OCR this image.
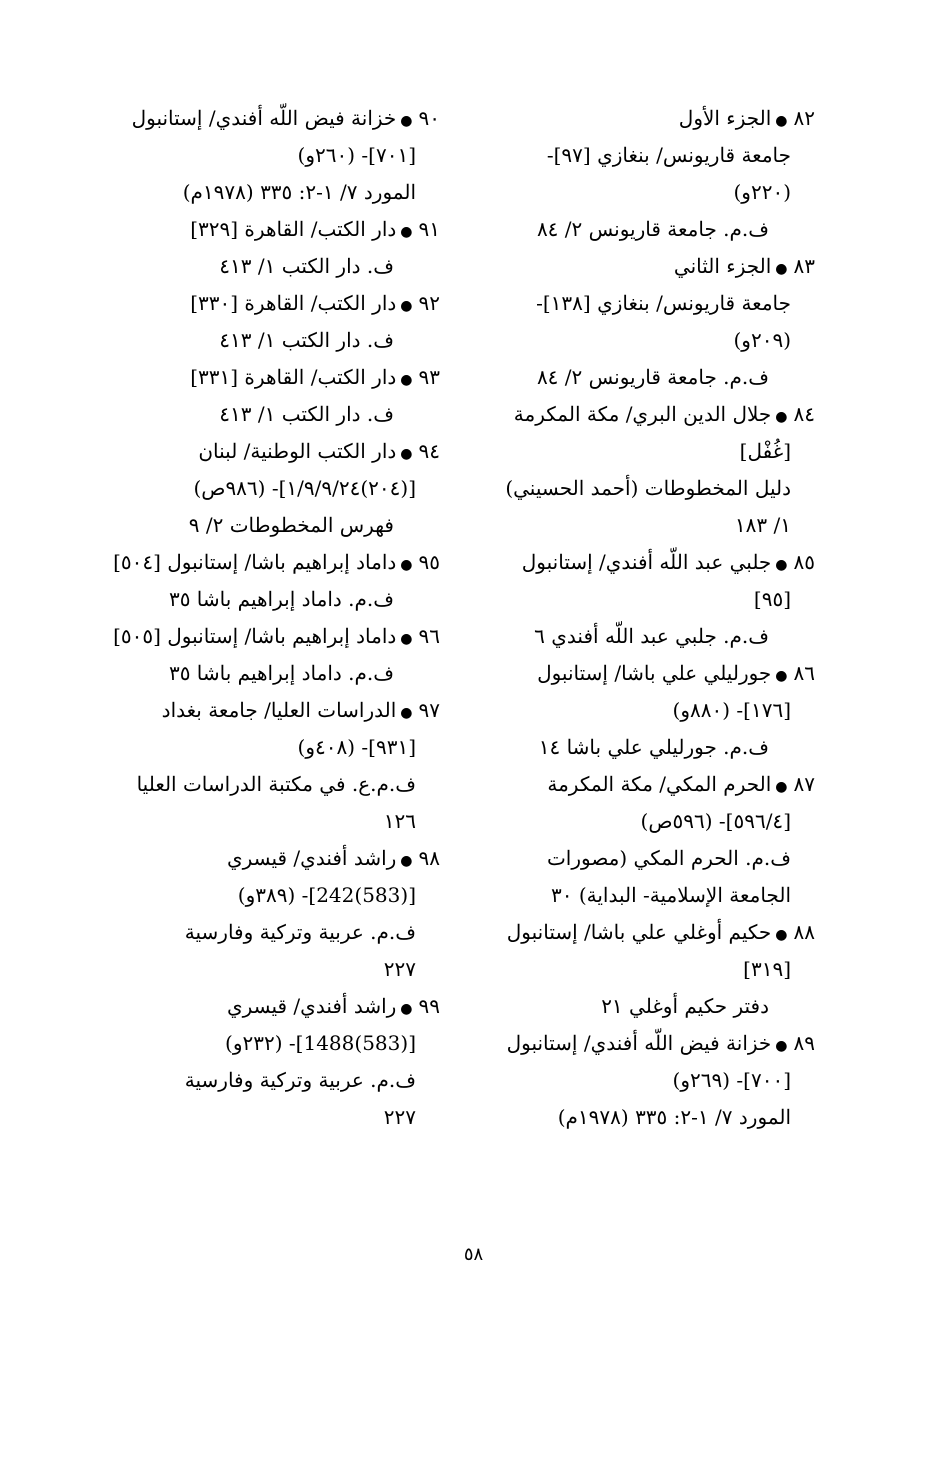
٨٢●الجزء الأول
جامعة قاريونس/ بنغازي [٩٧]-
(٢٢٠و)
ف.م. جامعة قاريونس ٢/ ٨٤
٨٣●الجزء الثاني
جامعة قاريونس/ بنغازي [١٣٨]-
(٢٠٩و)
ف.م. جامعة قاريونس ٢/ ٨٤
٨٤●جلال الدين البري/ مكة المكرمة
[غُفْل]
دليل المخطوطات (أحمد الحسيني)
١/ ١٨٣
٨٥●جلبي عبد اللّه أفندي/ إستانبول
[٩٥]
ف.م. جلبي عبد اللّه أفندي ٦
٨٦●جورليلي علي باشا/ إستانبول
[١٧٦]- (٨٨٠و)
ف.م. جورليلي علي باشا ١٤
٨٧●الحرم المكي/ مكة المكرمة
[٥٩٦/٤]- (٥٩٦ص)
ف.م. الحرم المكي (مصورات
الجامعة الإسلامية- البداية) ٣٠
٨٨●حكيم أوغلي علي باشا/ إستانبول
[٣١٩]
دفتر حكيم أوغلي ٢١
٨٩●خزانة فيض اللّه أفندي/ إستانبول
[٧٠٠]- (٢٦٩و)
المورد ٧/ ١-٢: ٣٣٥ (١٩٧٨م)
٩٠●خزانة فيض اللّه أفندي/ إستانبول
[٧٠١]- (٢٦٠و)
المورد ٧/ ١-٢: ٣٣٥ (١٩٧٨م)
٩١●دار الكتب/ القاهرة [٣٢٩]
ف. دار الكتب ١/ ٤١٣
٩٢●دار الكتب/ القاهرة [٣٣٠]
ف. دار الكتب ١/ ٤١٣
٩٣●دار الكتب/ القاهرة [٣٣١]
ف. دار الكتب ١/ ٤١٣
٩٤●دار الكتب الوطنية/ لبنان
[(٢٠٤)١/٩/٩/٢٤]- (٩٨٦ص)
فهرس المخطوطات ٢/ ٩
٩٥●داماد إبراهيم باشا/ إستانبول [٥٠٤]
ف.م. داماد إبراهيم باشا ٣٥
٩٦●داماد إبراهيم باشا/ إستانبول [٥٠٥]
ف.م. داماد إبراهيم باشا ٣٥
٩٧●الدراسات العليا/ جامعة بغداد
[٩٣١]- (٤٠٨و)
ف.م.ع. في مكتبة الدراسات العليا
١٢٦
٩٨●راشد أفندي/ قيسري
[(583)242]- (٣٨٩و)
ف.م. عربية وتركية وفارسية
٢٢٧
٩٩●راشد أفندي/ قيسري
[(583)1488]- (٢٣٢و)
ف.م. عربية وتركية وفارسية
٢٢٧
٥٨
